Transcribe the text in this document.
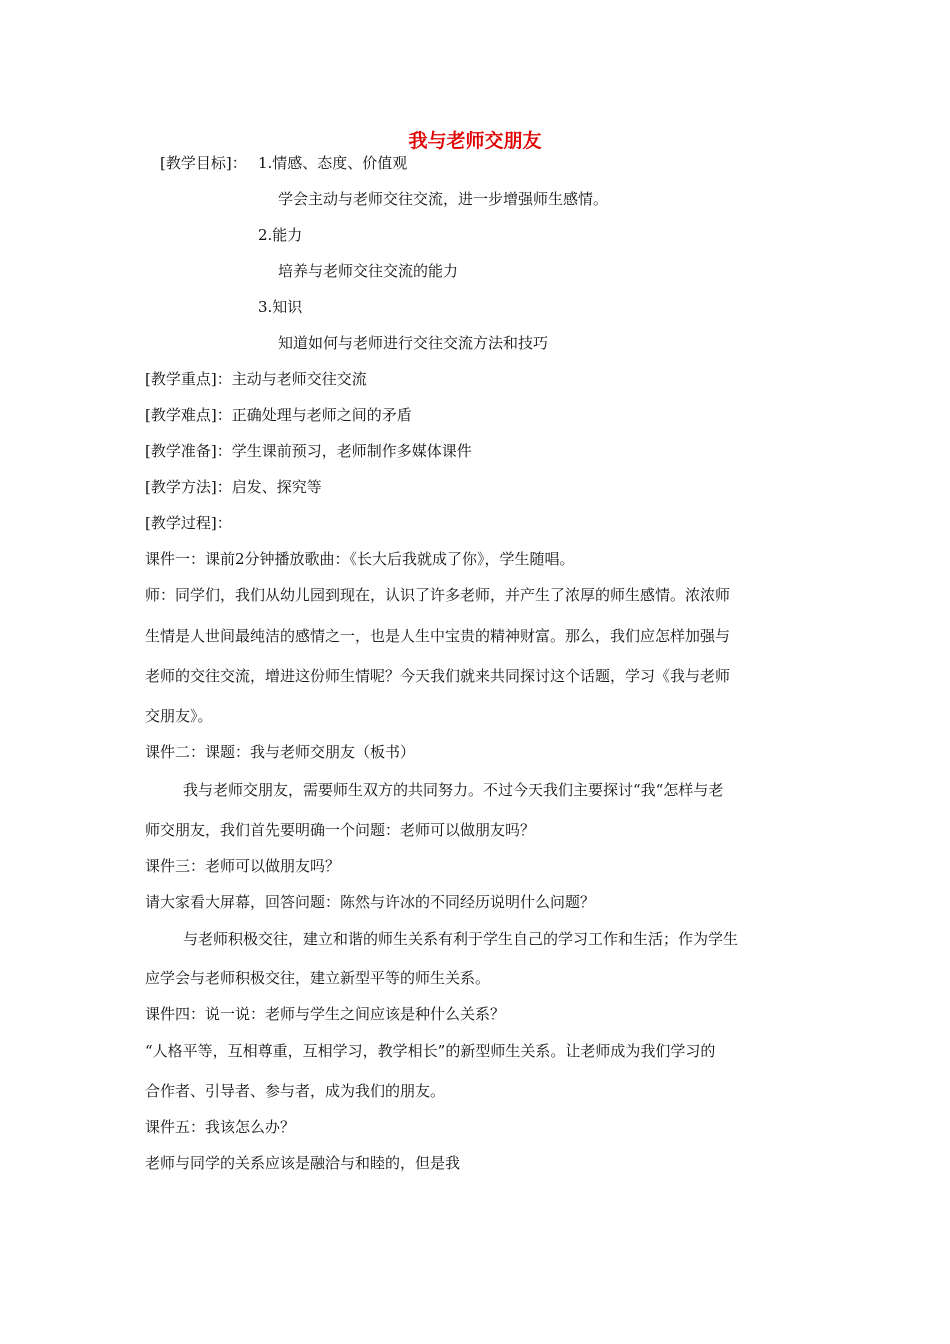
我与老师交朋友
[教学目标]： 1.情感、态度、价值观
学会主动与老师交往交流，进一步增强师生感情。
2.能力
培养与老师交往交流的能力
3.知识
知道如何与老师进行交往交流方法和技巧
[教学重点]：主动与老师交往交流
[教学难点]：正确处理与老师之间的矛盾
[教学准备]：学生课前预习，老师制作多媒体课件
[教学方法]：启发、探究等
[教学过程]：
课件一：课前2分钟播放歌曲：《长大后我就成了你》，学生随唱。
师：同学们，我们从幼儿园到现在，认识了许多老师，并产生了浓厚的师生感情。浓浓师
生情是人世间最纯洁的感情之一，也是人生中宝贵的精神财富。那么，我们应怎样加强与
老师的交往交流，增进这份师生情呢？今天我们就来共同探讨这个话题，学习《我与老师
交朋友》。
课件二：课题：我与老师交朋友（板书）
我与老师交朋友，需要师生双方的共同努力。不过今天我们主要探讨“我“怎样与老
师交朋友，我们首先要明确一个问题：老师可以做朋友吗？
课件三：老师可以做朋友吗？
请大家看大屏幕，回答问题：陈然与许冰的不同经历说明什么问题？
与老师积极交往，建立和谐的师生关系有利于学生自己的学习工作和生活；作为学生
应学会与老师积极交往，建立新型平等的师生关系。
课件四：说一说：老师与学生之间应该是种什么关系？
“人格平等，互相尊重，互相学习，教学相长”的新型师生关系。让老师成为我们学习的
合作者、引导者、参与者，成为我们的朋友。
课件五：我该怎么办？
老师与同学的关系应该是融洽与和睦的，但是我
